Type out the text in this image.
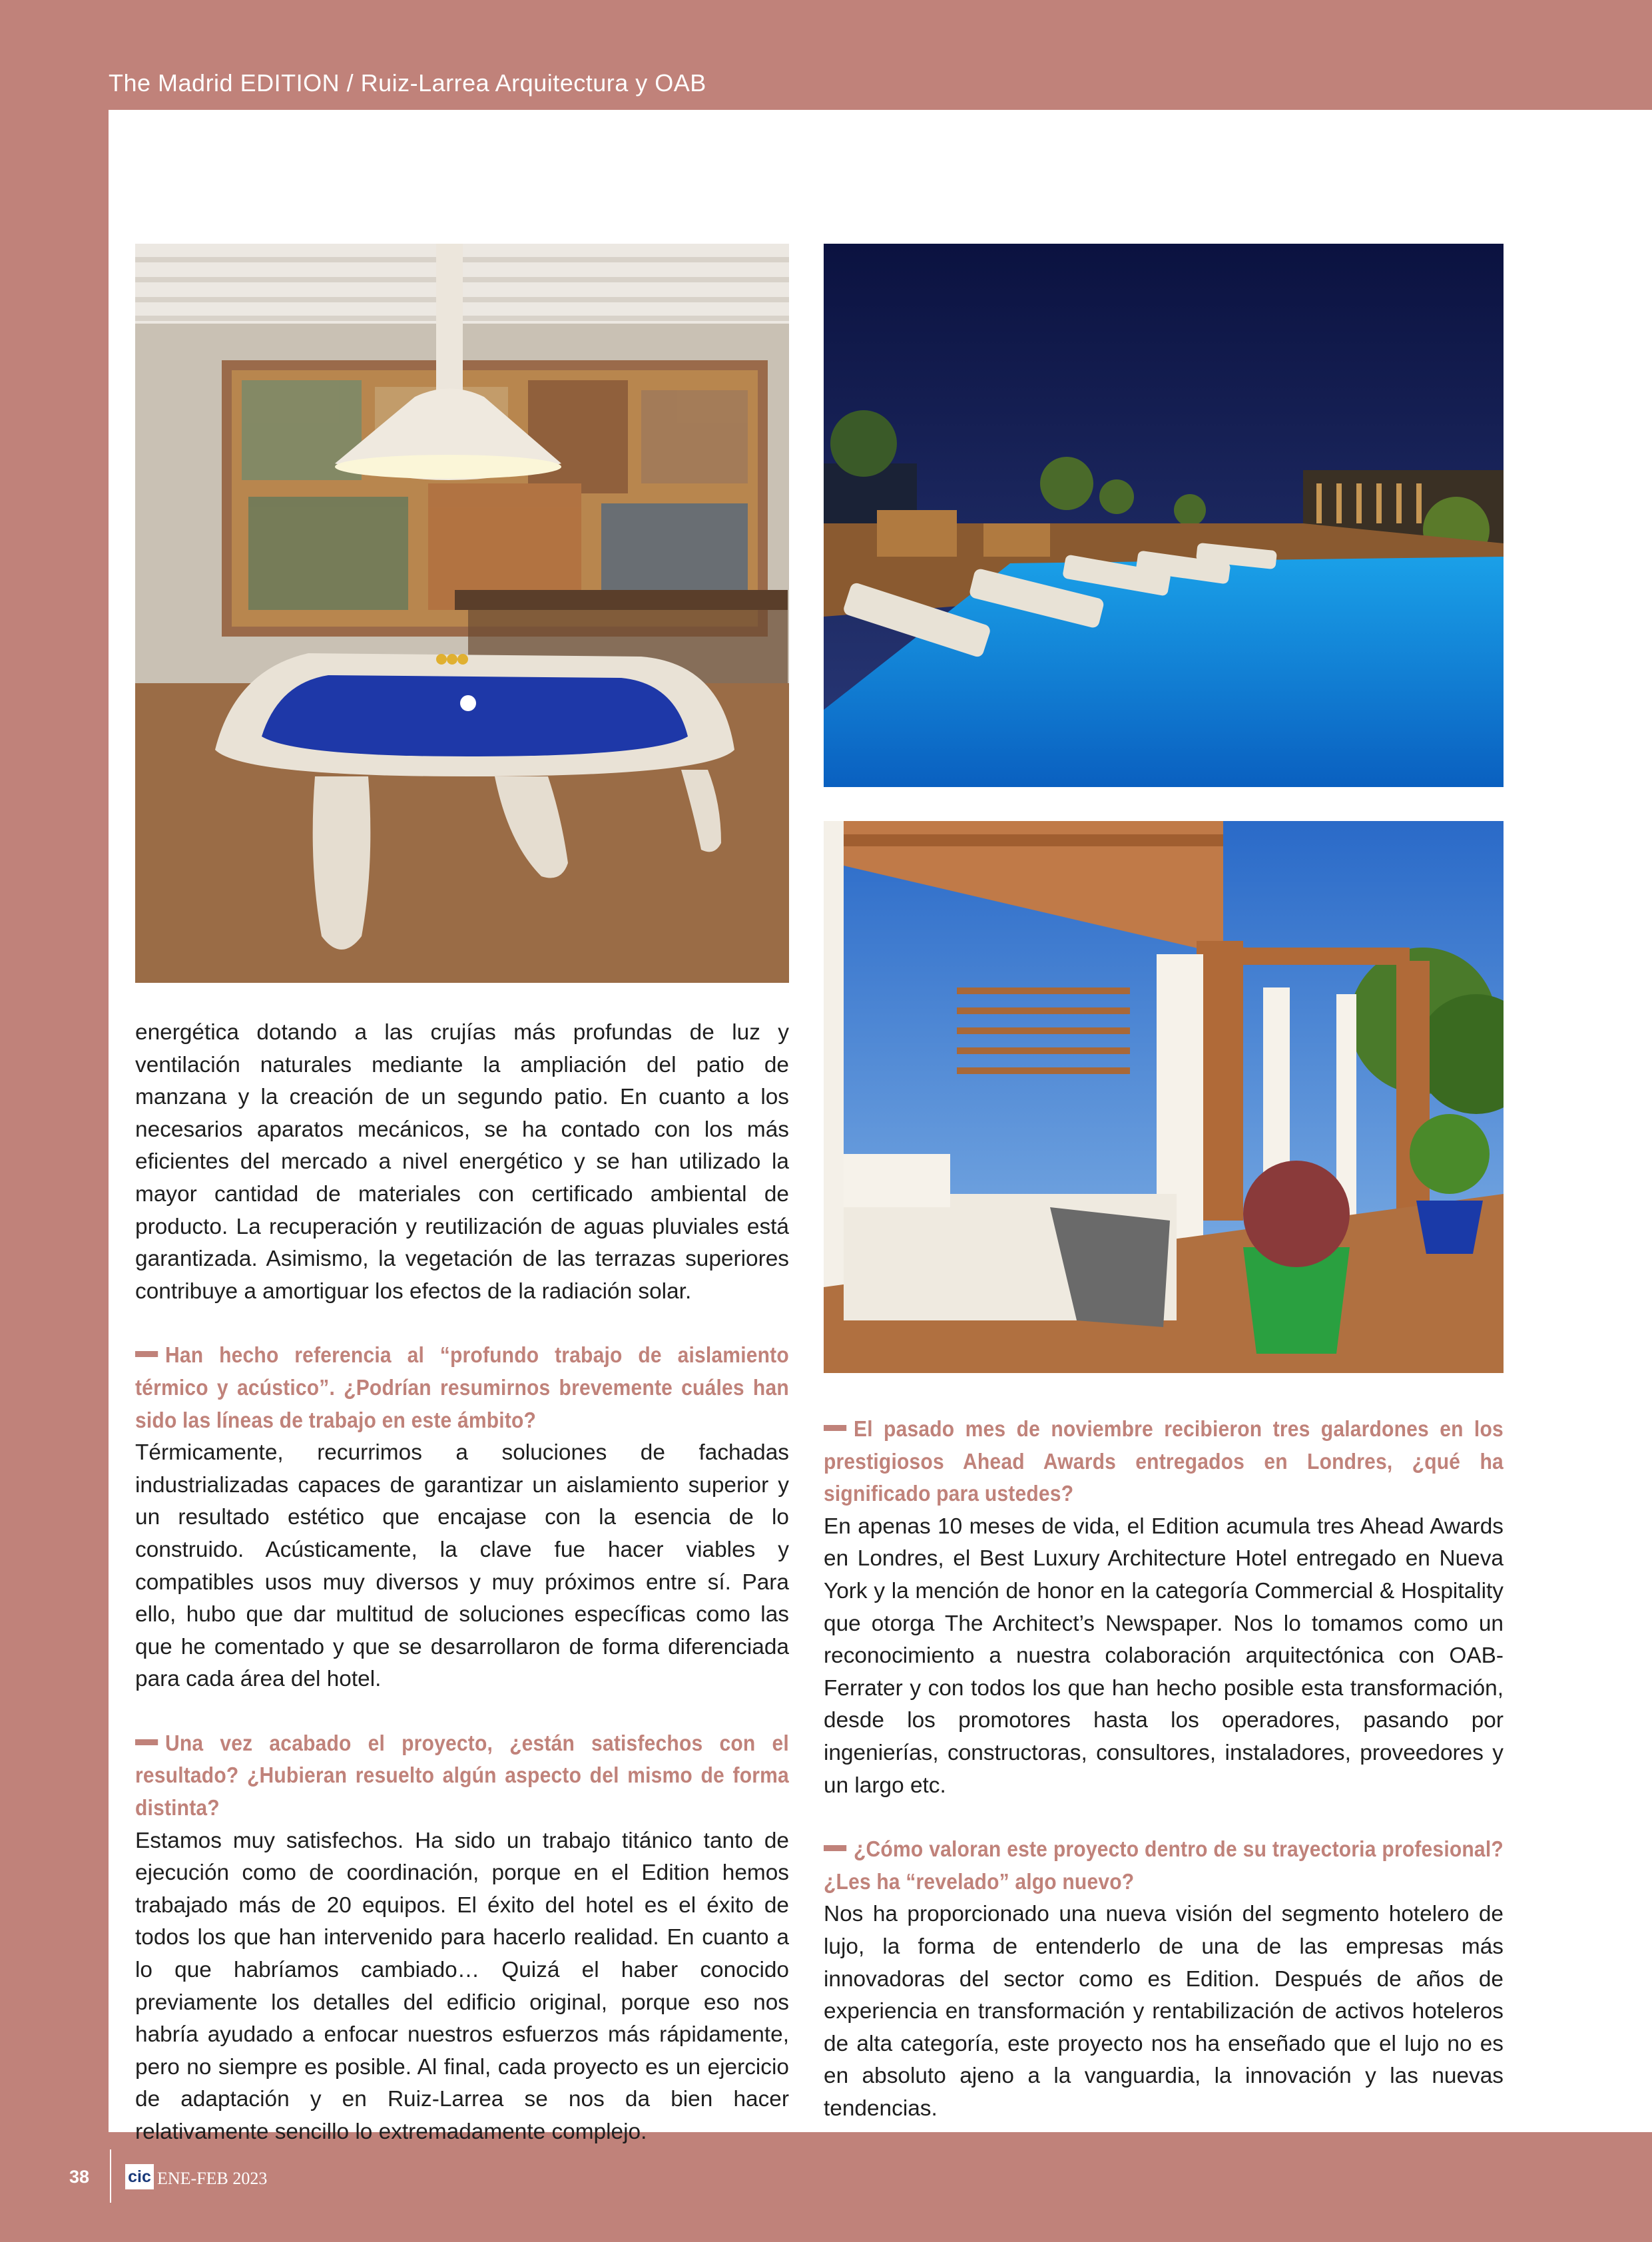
The Madrid EDITION / Ruiz-Larrea Arquitectura y OAB

energética dotando a las crujías más profundas de luz y ventilación naturales mediante la ampliación del patio de manzana y la creación de un segundo patio. En cuanto a los necesarios aparatos mecánicos, se ha contado con los más eficientes del mercado a nivel energético y se han utilizado la mayor cantidad de materiales con certificado ambiental de producto. La recuperación y reutilización de aguas pluviales está garantizada. Asimismo, la vegetación de las terrazas superiores contribuye a amortiguar los efectos de la radiación solar.

Han hecho referencia al “profundo trabajo de aislamiento térmico y acústico”. ¿Podrían resumirnos brevemente cuáles han sido las líneas de trabajo en este ámbito?

Térmicamente, recurrimos a soluciones de fachadas industrializadas capaces de garantizar un aislamiento superior y un resultado estético que encajase con la esencia de lo construido. Acústicamente, la clave fue hacer viables y compatibles usos muy diversos y muy próximos entre sí. Para ello, hubo que dar multitud de soluciones específicas como las que he comentado y que se desarrollaron de forma diferenciada para cada área del hotel.

Una vez acabado el proyecto, ¿están satisfechos con el resultado? ¿Hubieran resuelto algún aspecto del mismo de forma distinta?

Estamos muy satisfechos. Ha sido un trabajo titánico tanto de ejecución como de coordinación, porque en el Edition hemos trabajado más de 20 equipos. El éxito del hotel es el éxito de todos los que han intervenido para hacerlo realidad. En cuanto a lo que habríamos cambiado… Quizá el haber conocido previamente los detalles del edificio original, porque eso nos habría ayudado a enfocar nuestros esfuerzos más rápidamente, pero no siempre es posible. Al final, cada proyecto es un ejercicio de adaptación y en Ruiz-Larrea se nos da bien hacer relativamente sencillo lo extremadamente complejo.

El pasado mes de noviembre recibieron tres galardones en los prestigiosos Ahead Awards entregados en Londres, ¿qué ha significado para ustedes?

En apenas 10 meses de vida, el Edition acumula tres Ahead Awards en Londres, el Best Luxury Architecture Hotel entregado en Nueva York y la mención de honor en la categoría Commercial & Hospitality que otorga The Architect’s Newspaper. Nos lo tomamos como un reconocimiento a nuestra colaboración arquitectónica con OAB-Ferrater y con todos los que han hecho posible esta transformación, desde los promotores hasta los operadores, pasando por ingenierías, constructoras, consultores, instaladores, proveedores y un largo etc.

¿Cómo valoran este proyecto dentro de su trayectoria profesional? ¿Les ha “revelado” algo nuevo?

Nos ha proporcionado una nueva visión del segmento hotelero de lujo, la forma de entenderlo de una de las empresas más innovadoras del sector como es Edition. Después de años de experiencia en transformación y rentabilización de activos hoteleros de alta categoría, este proyecto nos ha enseñado que el lujo no es en absoluto ajeno a la vanguardia, la innovación y las nuevas tendencias.

38 cic ENE-FEB 2023
